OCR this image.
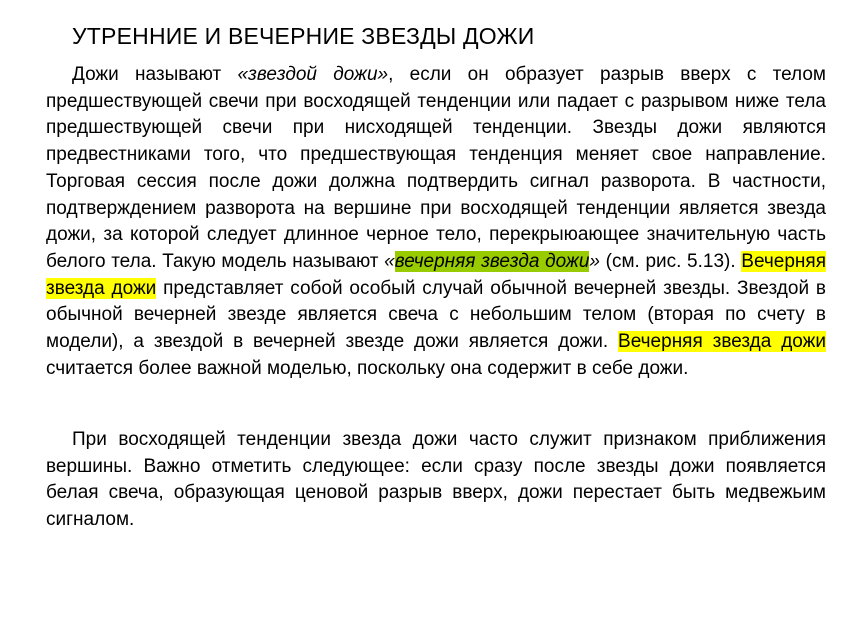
УТРЕННИЕ И ВЕЧЕРНИЕ ЗВЕЗДЫ ДОЖИ

Дожи называют «звездой дожи», если он образует разрыв вверх с телом предшествующей свечи при восходящей тенденции или падает с разрывом ниже тела предшествующей свечи при нисходящей тенденции. Звезды дожи являются предвестниками того, что предшествующая тенденция меняет свое направление. Торговая сессия после дожи должна подтвердить сигнал разворота. В частности, подтверждением разворота на вершине при восходящей тенденции является звезда дожи, за которой следует длинное черное тело, перекрыюающее значительную часть белого тела. Такую модель называют «вечерняя звезда дожи» (см. рис. 5.13). Вечерняя звезда дожи представляет собой особый случай обычной вечерней звезды. Звездой в обычной вечерней звезде является свеча с небольшим телом (вторая по счету в модели), а звездой в вечерней звезде дожи является дожи. Вечерняя звезда дожи считается более важной моделью, поскольку она содержит в себе дожи.

При восходящей тенденции звезда дожи часто служит признаком приближения вершины. Важно отметить следующее: если сразу после звезды дожи появляется белая свеча, образующая ценовой разрыв вверх, дожи перестает быть медвежьим сигналом.
